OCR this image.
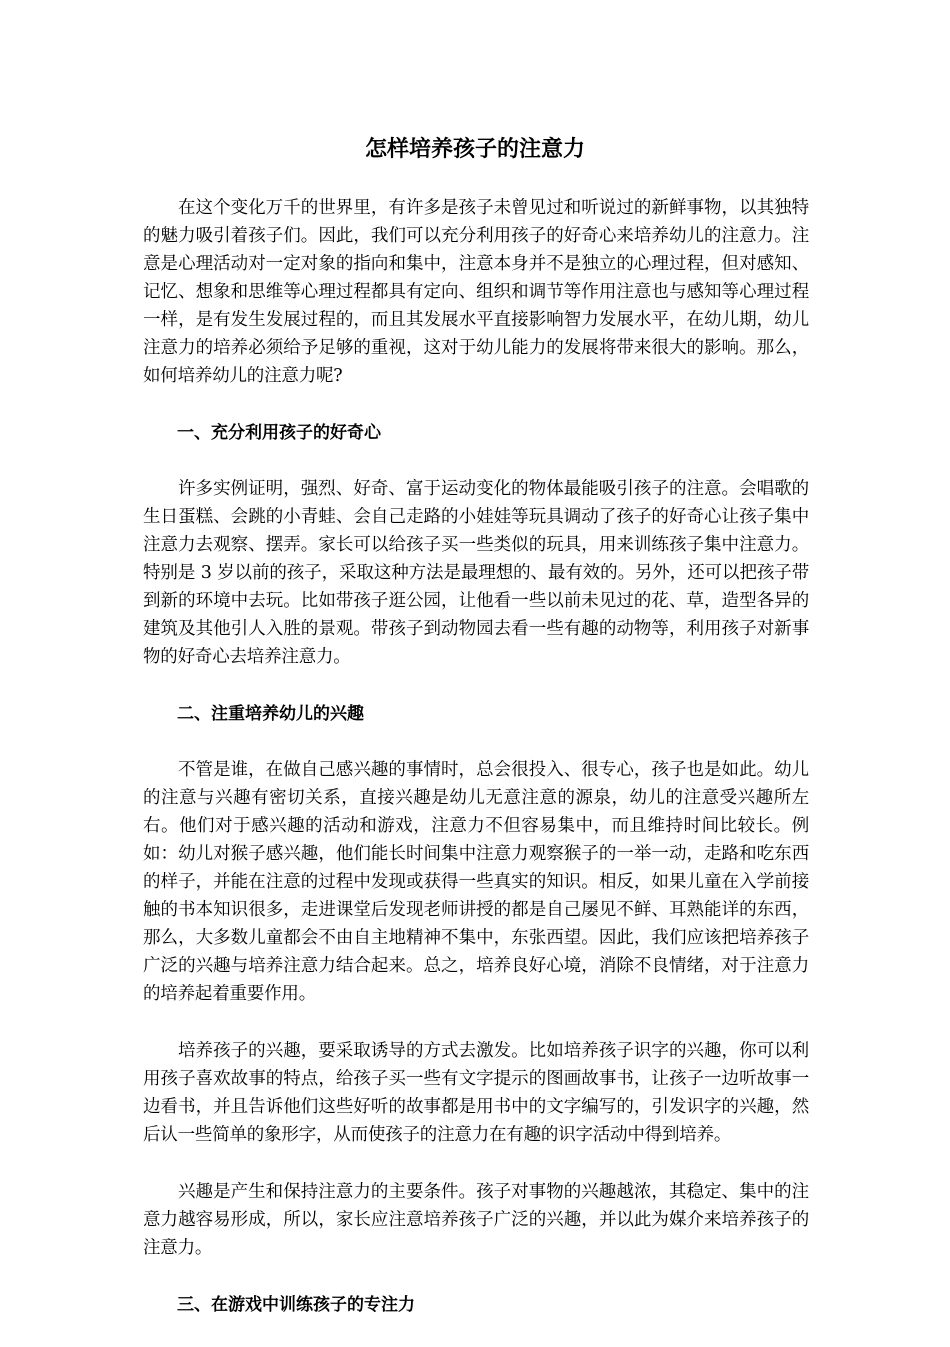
怎样培养孩子的注意力

在这个变化万千的世界里，有许多是孩子未曾见过和听说过的新鲜事物，以其独特的魅力吸引着孩子们。因此，我们可以充分利用孩子的好奇心来培养幼儿的注意力。注意是心理活动对一定对象的指向和集中，注意本身并不是独立的心理过程，但对感知、记忆、想象和思维等心理过程都具有定向、组织和调节等作用注意也与感知等心理过程一样，是有发生发展过程的，而且其发展水平直接影响智力发展水平，在幼儿期，幼儿注意力的培养必须给予足够的重视，这对于幼儿能力的发展将带来很大的影响。那么，如何培养幼儿的注意力呢?

一、充分利用孩子的好奇心

许多实例证明，强烈、好奇、富于运动变化的物体最能吸引孩子的注意。会唱歌的生日蛋糕、会跳的小青蛙、会自己走路的小娃娃等玩具调动了孩子的好奇心让孩子集中注意力去观察、摆弄。家长可以给孩子买一些类似的玩具，用来训练孩子集中注意力。特别是 3 岁以前的孩子，采取这种方法是最理想的、最有效的。另外，还可以把孩子带到新的环境中去玩。比如带孩子逛公园，让他看一些以前未见过的花、草，造型各异的建筑及其他引人入胜的景观。带孩子到动物园去看一些有趣的动物等，利用孩子对新事物的好奇心去培养注意力。

二、注重培养幼儿的兴趣

不管是谁，在做自己感兴趣的事情时，总会很投入、很专心，孩子也是如此。幼儿的注意与兴趣有密切关系，直接兴趣是幼儿无意注意的源泉，幼儿的注意受兴趣所左右。他们对于感兴趣的活动和游戏，注意力不但容易集中，而且维持时间比较长。例如：幼儿对猴子感兴趣，他们能长时间集中注意力观察猴子的一举一动，走路和吃东西的样子，并能在注意的过程中发现或获得一些真实的知识。相反，如果儿童在入学前接触的书本知识很多，走进课堂后发现老师讲授的都是自己屡见不鲜、耳熟能详的东西，那么，大多数儿童都会不由自主地精神不集中，东张西望。因此，我们应该把培养孩子广泛的兴趣与培养注意力结合起来。总之，培养良好心境，消除不良情绪，对于注意力的培养起着重要作用。

培养孩子的兴趣，要采取诱导的方式去激发。比如培养孩子识字的兴趣，你可以利用孩子喜欢故事的特点，给孩子买一些有文字提示的图画故事书，让孩子一边听故事一边看书，并且告诉他们这些好听的故事都是用书中的文字编写的，引发识字的兴趣，然后认一些简单的象形字，从而使孩子的注意力在有趣的识字活动中得到培养。

兴趣是产生和保持注意力的主要条件。孩子对事物的兴趣越浓，其稳定、集中的注意力越容易形成，所以，家长应注意培养孩子广泛的兴趣，并以此为媒介来培养孩子的注意力。

三、在游戏中训练孩子的专注力
